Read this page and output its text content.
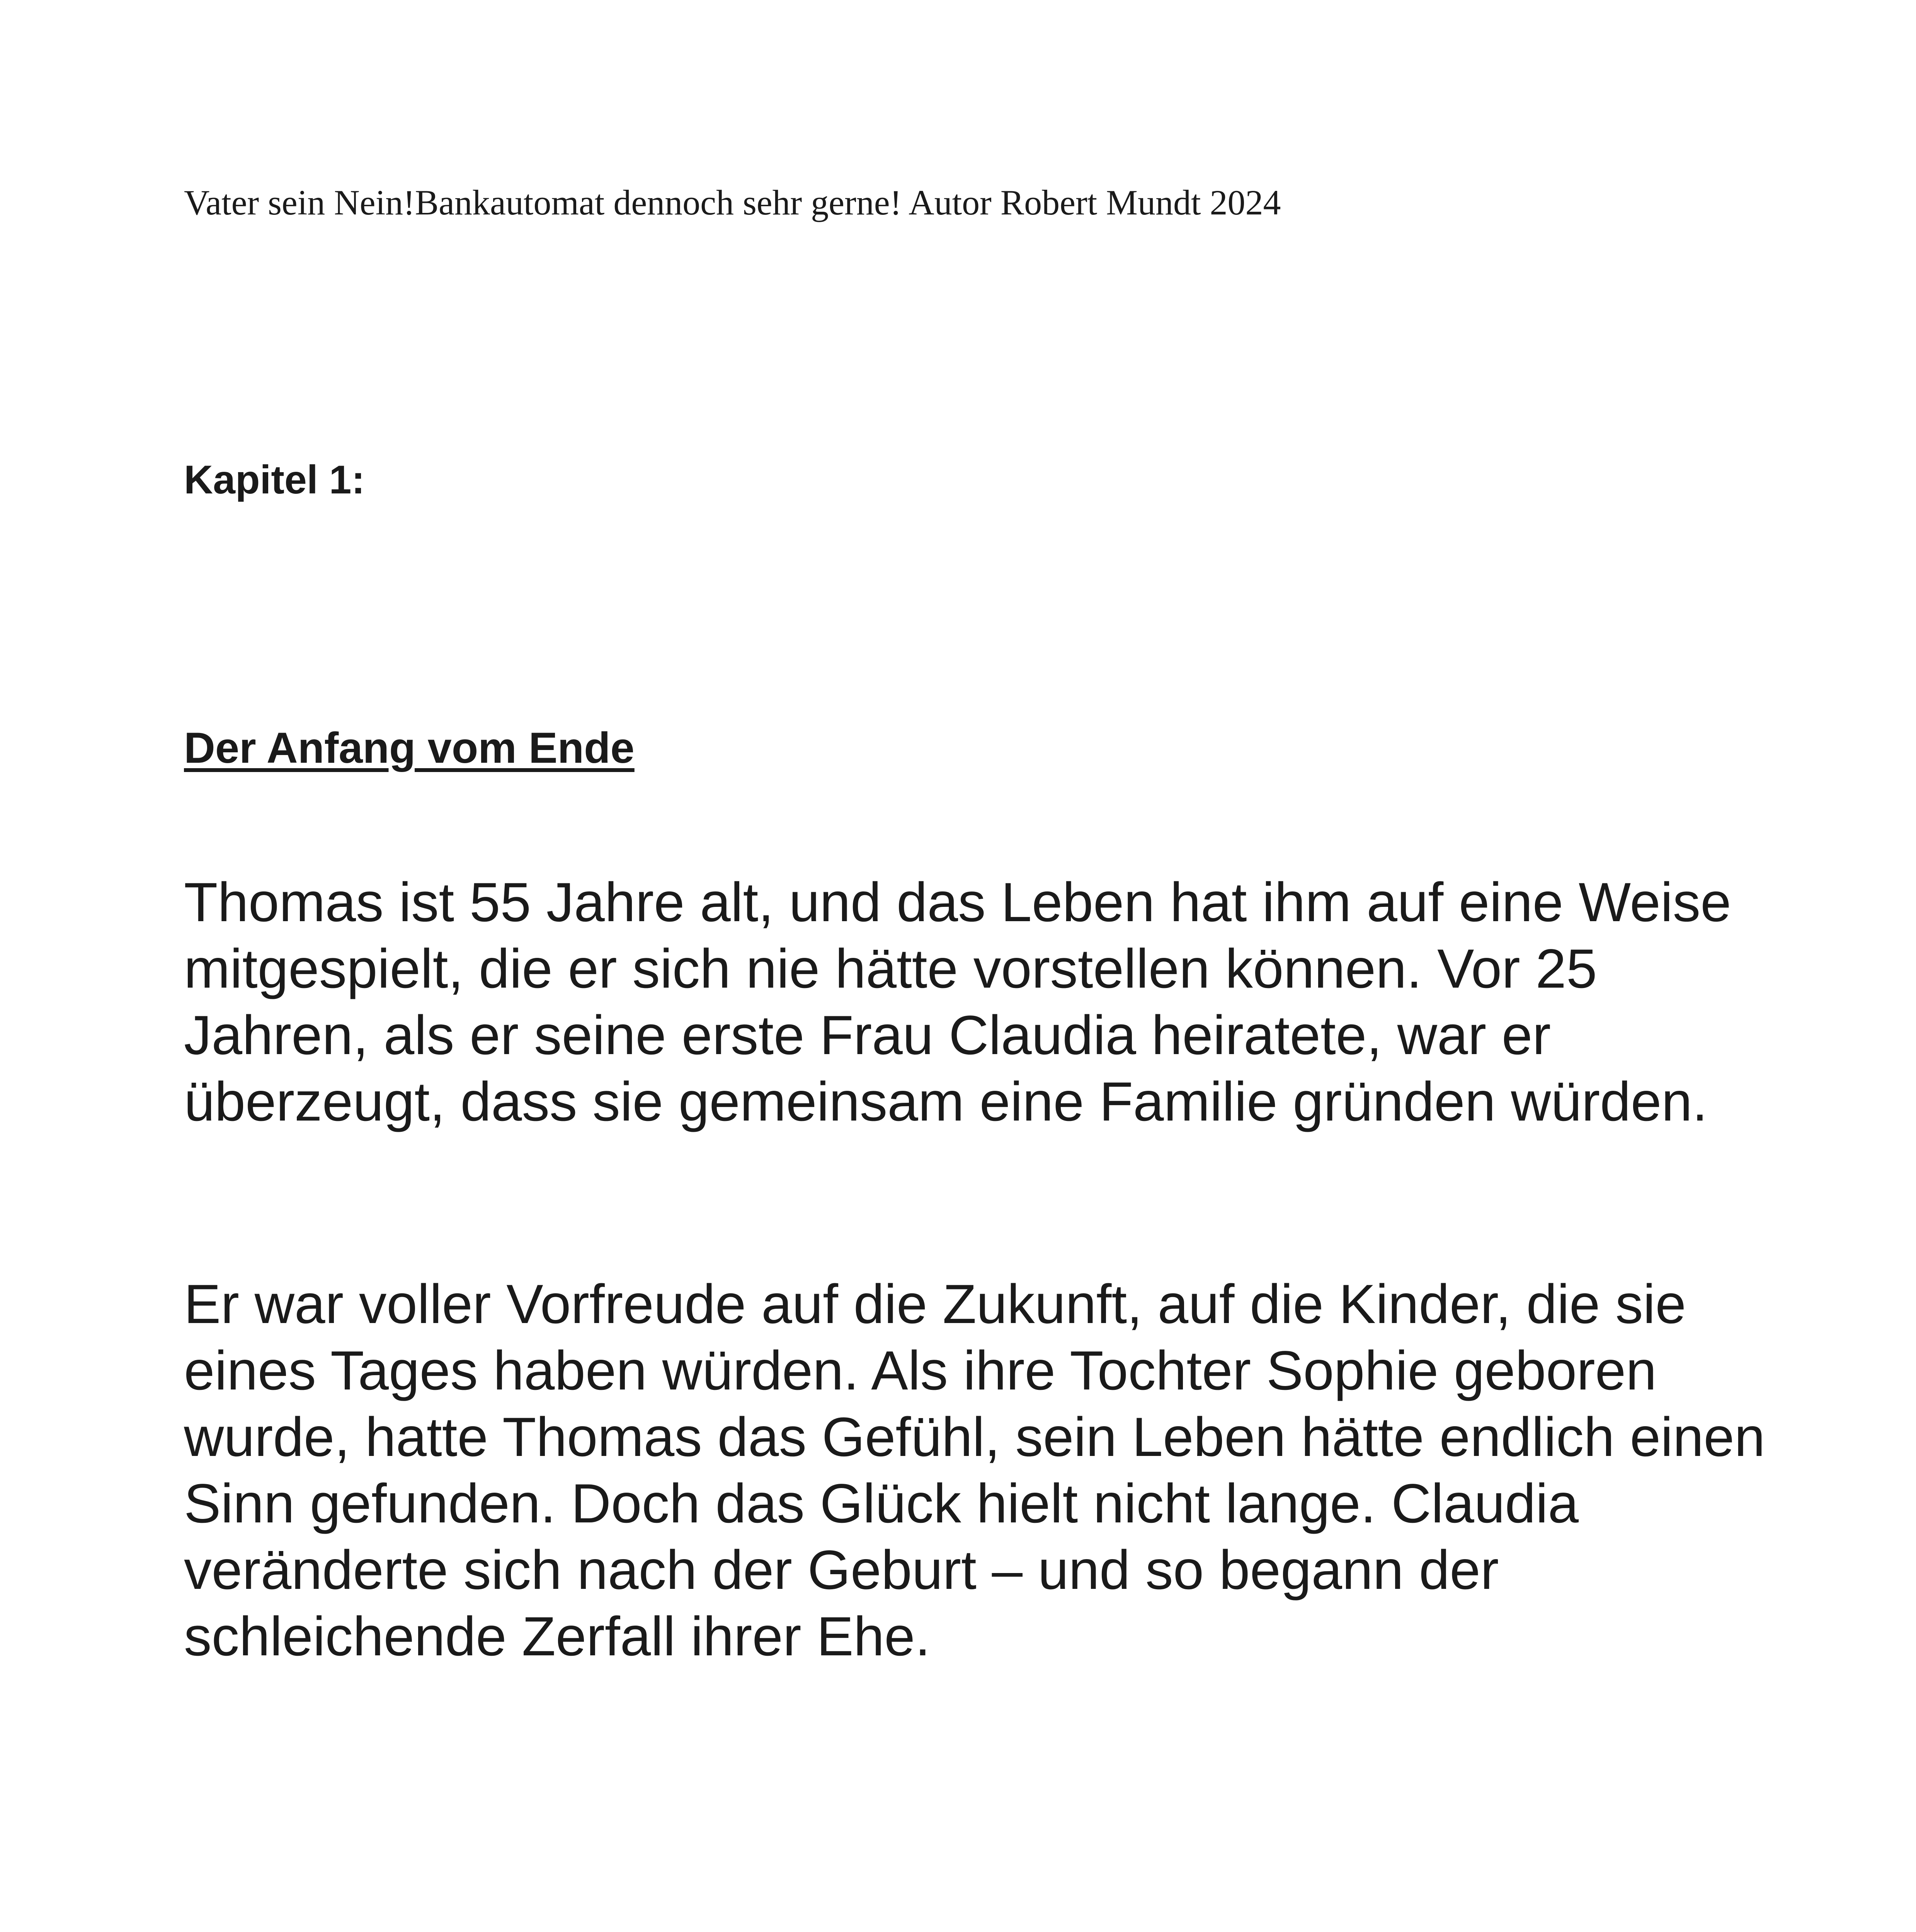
Vater sein Nein!Bankautomat dennoch sehr gerne! Autor Robert Mundt 2024
Kapitel 1:
Der Anfang vom Ende

Thomas ist 55 Jahre alt, und das Leben hat ihm auf eine Weise mitgespielt, die er sich nie hätte vorstellen können. Vor 25 Jahren, als er seine erste Frau Claudia heiratete, war er überzeugt, dass sie gemeinsam eine Familie gründen würden.

Er war voller Vorfreude auf die Zukunft, auf die Kinder, die sie eines Tages haben würden. Als ihre Tochter Sophie geboren wurde, hatte Thomas das Gefühl, sein Leben hätte endlich einen Sinn gefunden. Doch das Glück hielt nicht lange. Claudia veränderte sich nach der Geburt – und so begann der schleichende Zerfall ihrer Ehe.
